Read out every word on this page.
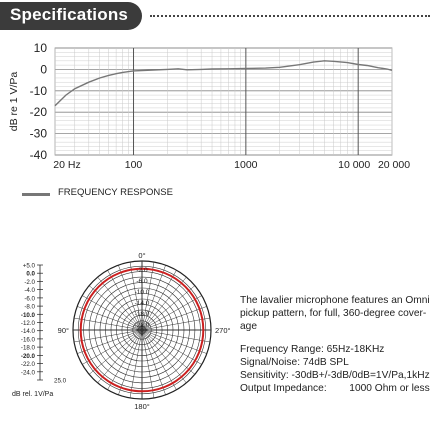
Specifications
10
0
-10
-20
-30
-40
20 Hz	100	1000	10 000 20 000
dB re 1 V/Pa
FREQUENCY RESPONSE
-2.0
-6.0
-10.0
-14.0
-18.0
-22.0
0°
90°
180°
270°
+5.0
0.0
-2.0
-4.0
-6.0
-8.0
-10.0
-12.0
-14.0
-16.0
-18.0
-20.0
-22.0
-24.0
25.0
dB rel. 1V/Pa
The lavalier microphone features an Omni
pickup pattern, for full, 360-degree cover-
age
Frequency Range: 65Hz-18KHz
Signal/Noise: 74dB SPL
Sensitivity: -30dB+/-3dB/0dB=1V/Pa,1kHz
Output Impedance:        1000 Ohm or less
